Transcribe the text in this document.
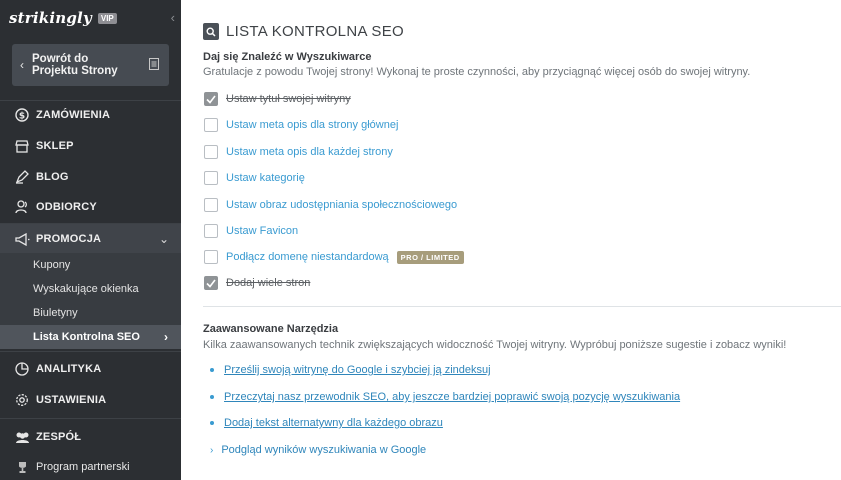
strikingly	VIP	‹
‹ Powrót do Projektu Strony
$ ZAMÓWIENIA
SKLEP
BLOG
ODBIORCY
PROMOCJA	⌄
Kupony
Wyskakujące okienka
Biuletyny
Lista Kontrolna SEO ›
ANALITYKA
USTAWIENIA
ZESPÓŁ
Program partnerski
LISTA KONTROLNA SEO
Daj się Znaleźć w Wyszukiwarce
Gratulacje z powodu Twojej strony! Wykonaj te proste czynności, aby przyciągnąć więcej osób do swojej witryny.
Ustaw tytuł swojej witryny
Ustaw meta opis dla strony głównej
Ustaw meta opis dla każdej strony
Ustaw kategorię
Ustaw obraz udostępniania społecznościowego
Ustaw Favicon
Podłącz domenę niestandardową	PRO / LIMITED
Dodaj wiele stron
Zaawansowane Narzędzia
Kilka zaawansowanych technik zwiększających widoczność Twojej witryny. Wypróbuj poniższe sugestie i zobacz wyniki!
Prześlij swoją witrynę do Google i szybciej ją zindeksuj
Przeczytaj nasz przewodnik SEO, aby jeszcze bardziej poprawić swoją pozycję wyszukiwania
Dodaj tekst alternatywny dla każdego obrazu
› Podgląd wyników wyszukiwania w Google
